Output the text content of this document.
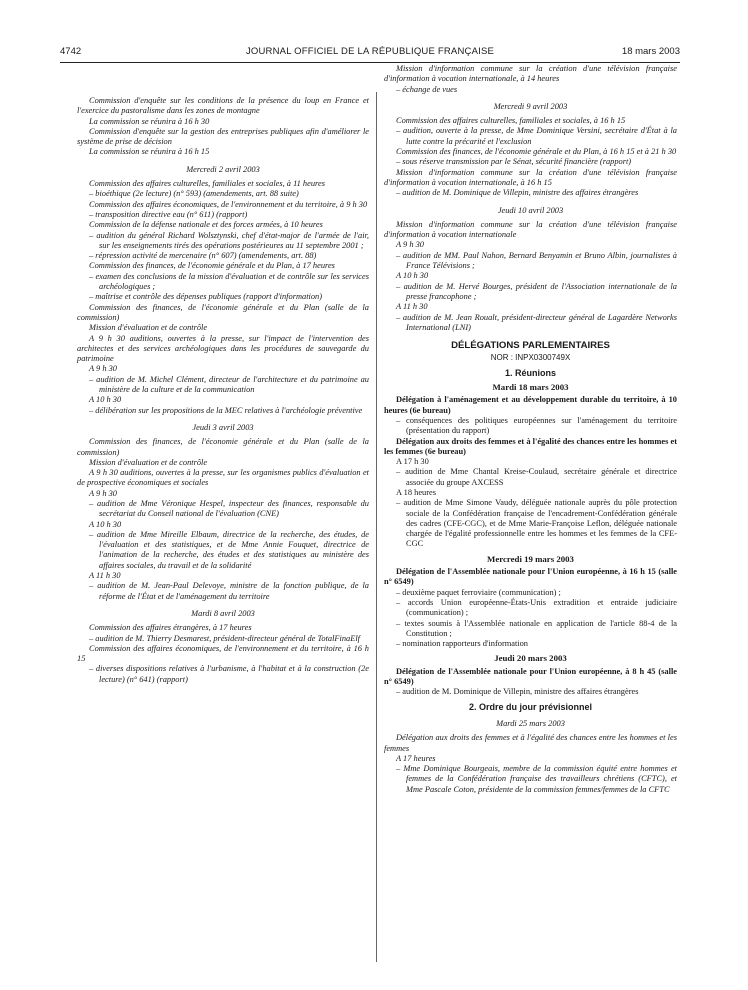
4742	JOURNAL OFFICIEL DE LA RÉPUBLIQUE FRANÇAISE	18 mars 2003

Commission d'enquête sur les conditions de la présence du loup en France et l'exercice du pastoralisme dans les zones de montagne

La commission se réunira à 16 h 30

Commission d'enquête sur la gestion des entreprises publiques afin d'améliorer le système de prise de décision

La commission se réunira à 16 h 15

Mercredi 2 avril 2003

Commission des affaires culturelles, familiales et sociales, à 11 heures

– bioéthique (2e lecture) (n° 593) (amendements, art. 88 suite)

Commission des affaires économiques, de l'environnement et du territoire, à 9 h 30

– transposition directive eau (n° 611) (rapport)

Commission de la défense nationale et des forces armées, à 10 heures

– audition du général Richard Wolsztynski, chef d'état-major de l'armée de l'air, sur les enseignements tirés des opérations postérieures au 11 septembre 2001 ;

– répression activité de mercenaire (n° 607) (amendements, art. 88)

Commission des finances, de l'économie générale et du Plan, à 17 heures

– examen des conclusions de la mission d'évaluation et de contrôle sur les services archéologiques ;

– maîtrise et contrôle des dépenses publiques (rapport d'information)

Commission des finances, de l'économie générale et du Plan (salle de la commission)

Mission d'évaluation et de contrôle

A 9 h 30 auditions, ouvertes à la presse, sur l'impact de l'intervention des architectes et des services archéologiques dans les procédures de sauvegarde du patrimoine

A 9 h 30

– audition de M. Michel Clément, directeur de l'architecture et du patrimoine au ministère de la culture et de la communication

A 10 h 30

– délibération sur les propositions de la MEC relatives à l'archéologie préventive

Jeudi 3 avril 2003

Commission des finances, de l'économie générale et du Plan (salle de la commission)

Mission d'évaluation et de contrôle

A 9 h 30 auditions, ouvertes à la presse, sur les organismes publics d'évaluation et de prospective économiques et sociales

A 9 h 30

– audition de Mme Véronique Hespel, inspecteur des finances, responsable du secrétariat du Conseil national de l'évaluation (CNE)

A 10 h 30

– audition de Mme Mireille Elbaum, directrice de la recherche, des études, de l'évaluation et des statistiques, et de Mme Annie Fouquet, directrice de l'animation de la recherche, des études et des statistiques au ministère des affaires sociales, du travail et de la solidarité

A 11 h 30

– audition de M. Jean-Paul Delevoye, ministre de la fonction publique, de la réforme de l'État et de l'aménagement du territoire

Mardi 8 avril 2003

Commission des affaires étrangères, à 17 heures

– audition de M. Thierry Desmarest, président-directeur général de TotalFinaElf

Commission des affaires économiques, de l'environnement et du territoire, à 16 h 15

– diverses dispositions relatives à l'urbanisme, à l'habitat et à la construction (2e lecture) (n° 641) (rapport)

Mission d'information commune sur la création d'une télévision française d'information à vocation internationale, à 14 heures

– échange de vues

Mercredi 9 avril 2003

Commission des affaires culturelles, familiales et sociales, à 16 h 15

– audition, ouverte à la presse, de Mme Dominique Versini, secrétaire d'État à la lutte contre la précarité et l'exclusion

Commission des finances, de l'économie générale et du Plan, à 16 h 15 et à 21 h 30

– sous réserve transmission par le Sénat, sécurité financière (rapport)

Mission d'information commune sur la création d'une télévision française d'information à vocation internationale, à 16 h 15

– audition de M. Dominique de Villepin, ministre des affaires étrangères

Jeudi 10 avril 2003

Mission d'information commune sur la création d'une télévision française d'information à vocation internationale

A 9 h 30

– audition de MM. Paul Nahon, Bernard Benyamin et Bruno Albin, journalistes à France Télévisions ;

A 10 h 30

– audition de M. Hervé Bourges, président de l'Association internationale de la presse francophone ;

A 11 h 30

– audition de M. Jean Roualt, président-directeur général de Lagardère Networks International (LNI)

DÉLÉGATIONS PARLEMENTAIRES

NOR : INPX0300749X

1. Réunions

Mardi 18 mars 2003

Délégation à l'aménagement et au développement durable du territoire, à 10 heures (6e bureau)

– conséquences des politiques européennes sur l'aménagement du territoire (présentation du rapport)

Délégation aux droits des femmes et à l'égalité des chances entre les hommes et les femmes (6e bureau)

A 17 h 30

– audition de Mme Chantal Kreise-Coulaud, secrétaire générale et directrice associée du groupe AXCESS

A 18 heures

– audition de Mme Simone Vaudy, déléguée nationale auprès du pôle protection sociale de la Confédération française de l'encadrement-Confédération générale des cadres (CFE-CGC), et de Mme Marie-Françoise Leflon, déléguée nationale chargée de l'égalité professionnelle entre les hommes et les femmes de la CFE-CGC

Mercredi 19 mars 2003

Délégation de l'Assemblée nationale pour l'Union européenne, à 16 h 15 (salle n° 6549)

– deuxième paquet ferroviaire (communication) ;

– accords Union européenne-États-Unis extradition et entraide judiciaire (communication) ;

– textes soumis à l'Assemblée nationale en application de l'article 88-4 de la Constitution ;

– nomination rapporteurs d'information

Jeudi 20 mars 2003

Délégation de l'Assemblée nationale pour l'Union européenne, à 8 h 45 (salle n° 6549)

– audition de M. Dominique de Villepin, ministre des affaires étrangères

2. Ordre du jour prévisionnel

Mardi 25 mars 2003

Délégation aux droits des femmes et à l'égalité des chances entre les hommes et les femmes

A 17 heures

– Mme Dominique Bourgeais, membre de la commission équité entre hommes et femmes de la Confédération française des travailleurs chrétiens (CFTC), et Mme Pascale Coton, présidente de la commission femmes/femmes de la CFTC
